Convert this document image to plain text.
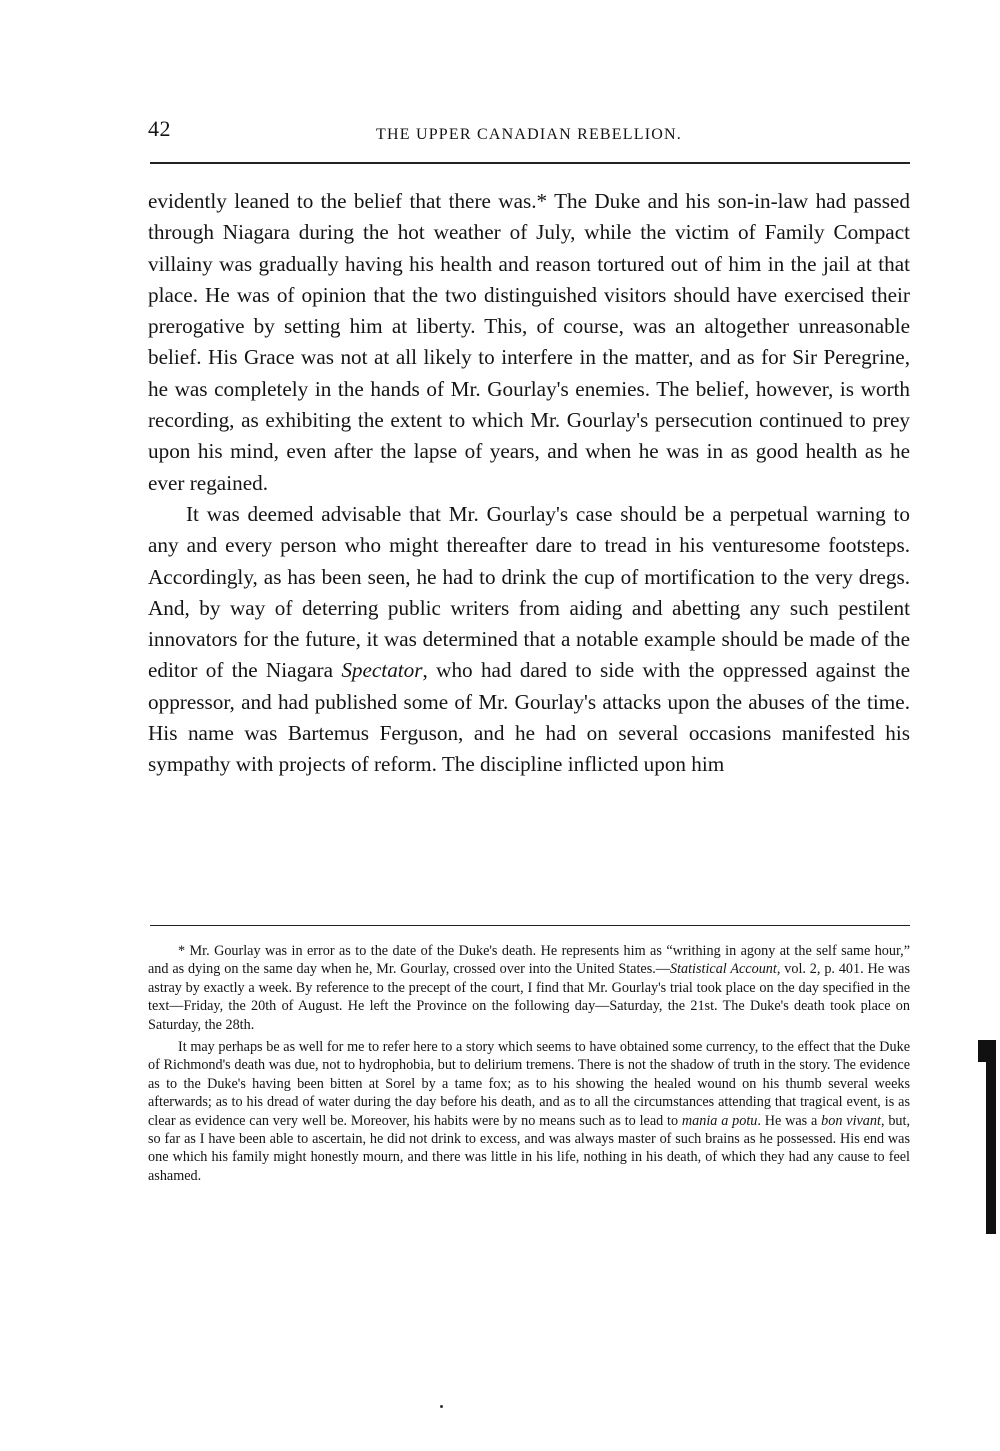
42	THE UPPER CANADIAN REBELLION.

evidently leaned to the belief that there was.* The Duke and his son-in-law had passed through Niagara during the hot weather of July, while the victim of Family Compact villainy was gradually having his health and reason tortured out of him in the jail at that place. He was of opinion that the two distinguished visitors should have exercised their prerogative by setting him at liberty. This, of course, was an altogether unreasonable belief. His Grace was not at all likely to interfere in the matter, and as for Sir Peregrine, he was completely in the hands of Mr. Gourlay's enemies. The belief, however, is worth recording, as exhibiting the extent to which Mr. Gourlay's persecution continued to prey upon his mind, even after the lapse of years, and when he was in as good health as he ever regained.

It was deemed advisable that Mr. Gourlay's case should be a perpetual warning to any and every person who might thereafter dare to tread in his venturesome footsteps. Accordingly, as has been seen, he had to drink the cup of mortification to the very dregs. And, by way of deterring public writers from aiding and abetting any such pestilent innovators for the future, it was determined that a notable example should be made of the editor of the Niagara Spectator, who had dared to side with the oppressed against the oppressor, and had published some of Mr. Gourlay's attacks upon the abuses of the time. His name was Bartemus Ferguson, and he had on several occasions manifested his sympathy with projects of reform. The discipline inflicted upon him

* Mr. Gourlay was in error as to the date of the Duke's death. He represents him as “writhing in agony at the self same hour,” and as dying on the same day when he, Mr. Gourlay, crossed over into the United States.—Statistical Account, vol. 2, p. 401. He was astray by exactly a week. By reference to the precept of the court, I find that Mr. Gourlay's trial took place on the day specified in the text—Friday, the 20th of August. He left the Province on the following day—Saturday, the 21st. The Duke's death took place on Saturday, the 28th.

It may perhaps be as well for me to refer here to a story which seems to have obtained some currency, to the effect that the Duke of Richmond's death was due, not to hydrophobia, but to delirium tremens. There is not the shadow of truth in the story. The evidence as to the Duke's having been bitten at Sorel by a tame fox; as to his showing the healed wound on his thumb several weeks afterwards; as to his dread of water during the day before his death, and as to all the circumstances attending that tragical event, is as clear as evidence can very well be. Moreover, his habits were by no means such as to lead to mania a potu. He was a bon vivant, but, so far as I have been able to ascertain, he did not drink to excess, and was always master of such brains as he possessed. His end was one which his family might honestly mourn, and there was little in his life, nothing in his death, of which they had any cause to feel ashamed.
